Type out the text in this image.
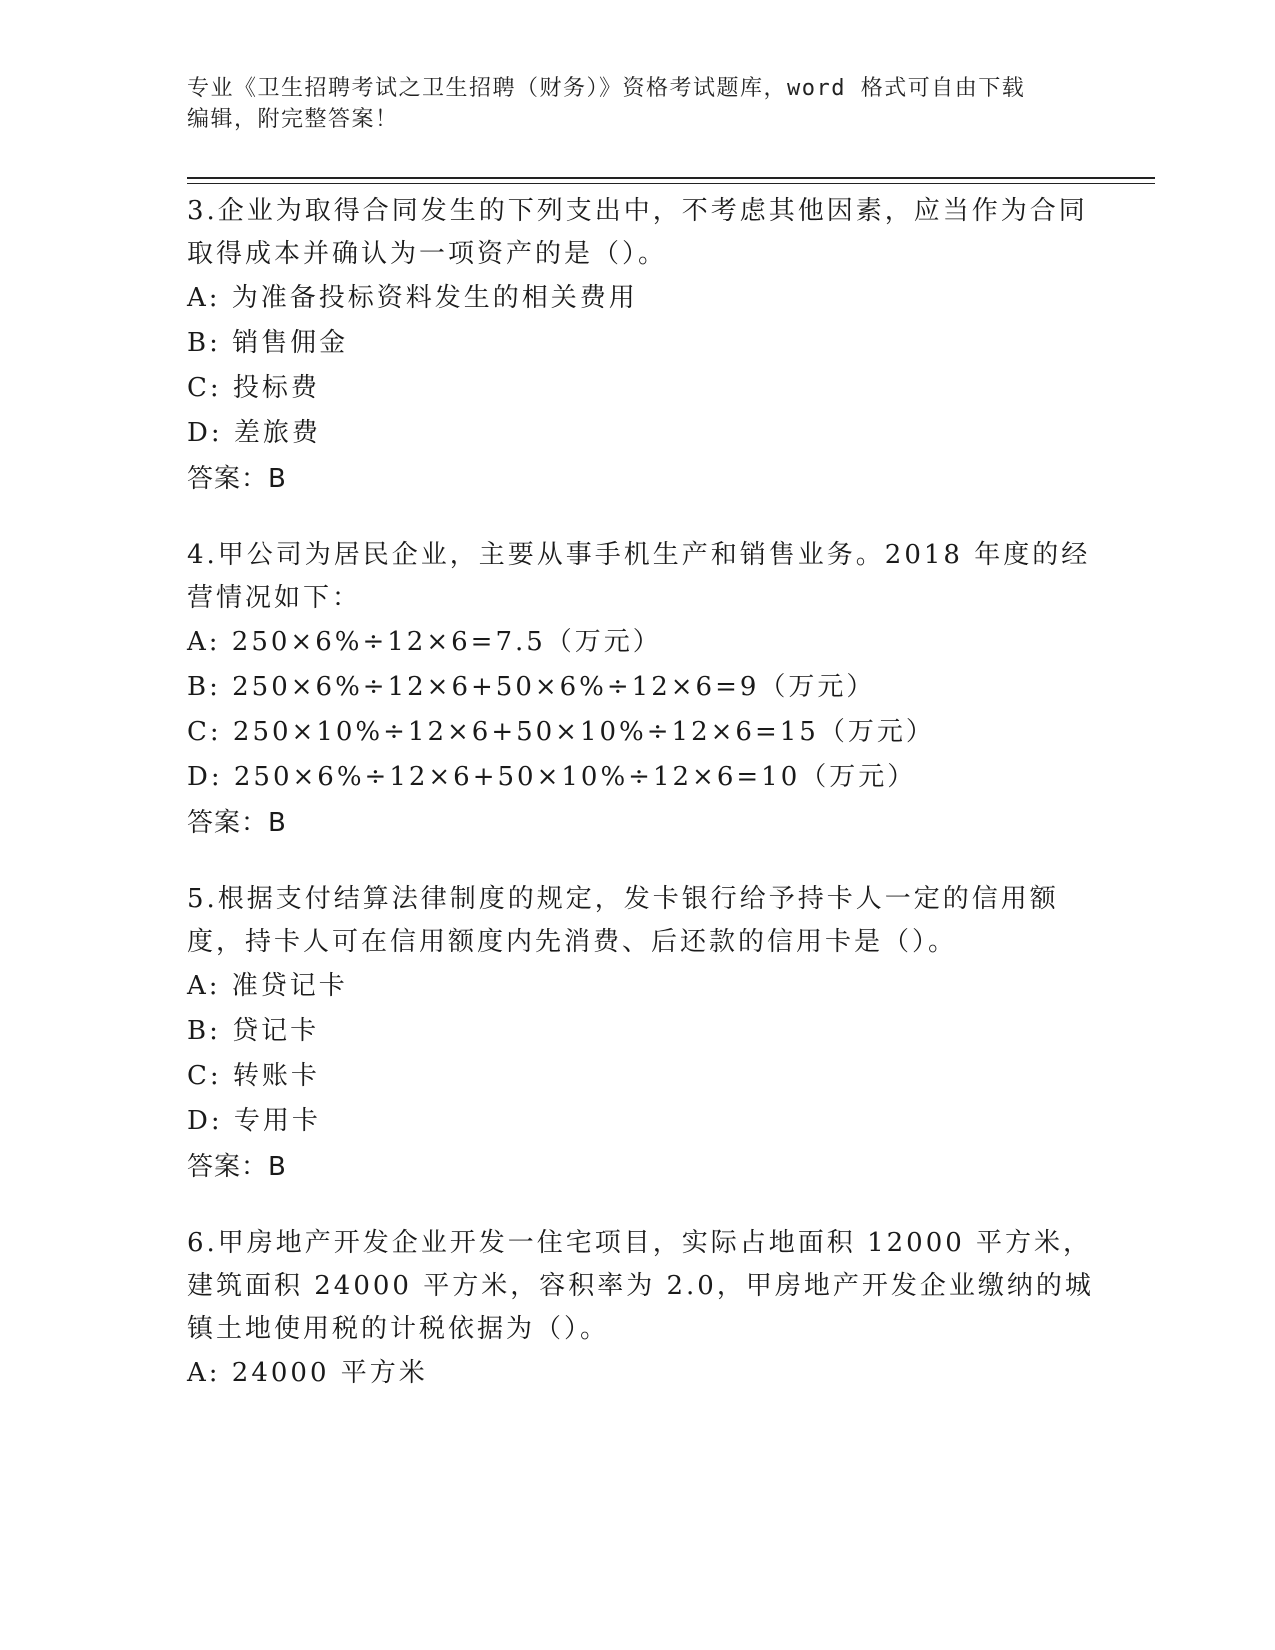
专业《卫生招聘考试之卫生招聘（财务）》资格考试题库，word 格式可自由下载
编辑，附完整答案！
3.企业为取得合同发生的下列支出中，不考虑其他因素，应当作为合同取得成本并确认为一项资产的是（）。
A: 为准备投标资料发生的相关费用
B: 销售佣金
C: 投标费
D: 差旅费
答案：B
4.甲公司为居民企业，主要从事手机生产和销售业务。2018 年度的经营情况如下：
A: 250×6%÷12×6=7.5（万元）
B: 250×6%÷12×6+50×6%÷12×6=9（万元）
C: 250×10%÷12×6+50×10%÷12×6=15（万元）
D: 250×6%÷12×6+50×10%÷12×6=10（万元）
答案：B
5.根据支付结算法律制度的规定，发卡银行给予持卡人一定的信用额度，持卡人可在信用额度内先消费、后还款的信用卡是（）。
A: 准贷记卡
B: 贷记卡
C: 转账卡
D: 专用卡
答案：B
6.甲房地产开发企业开发一住宅项目，实际占地面积 12000 平方米，建筑面积 24000 平方米，容积率为 2.0，甲房地产开发企业缴纳的城镇土地使用税的计税依据为（）。
A: 24000 平方米
